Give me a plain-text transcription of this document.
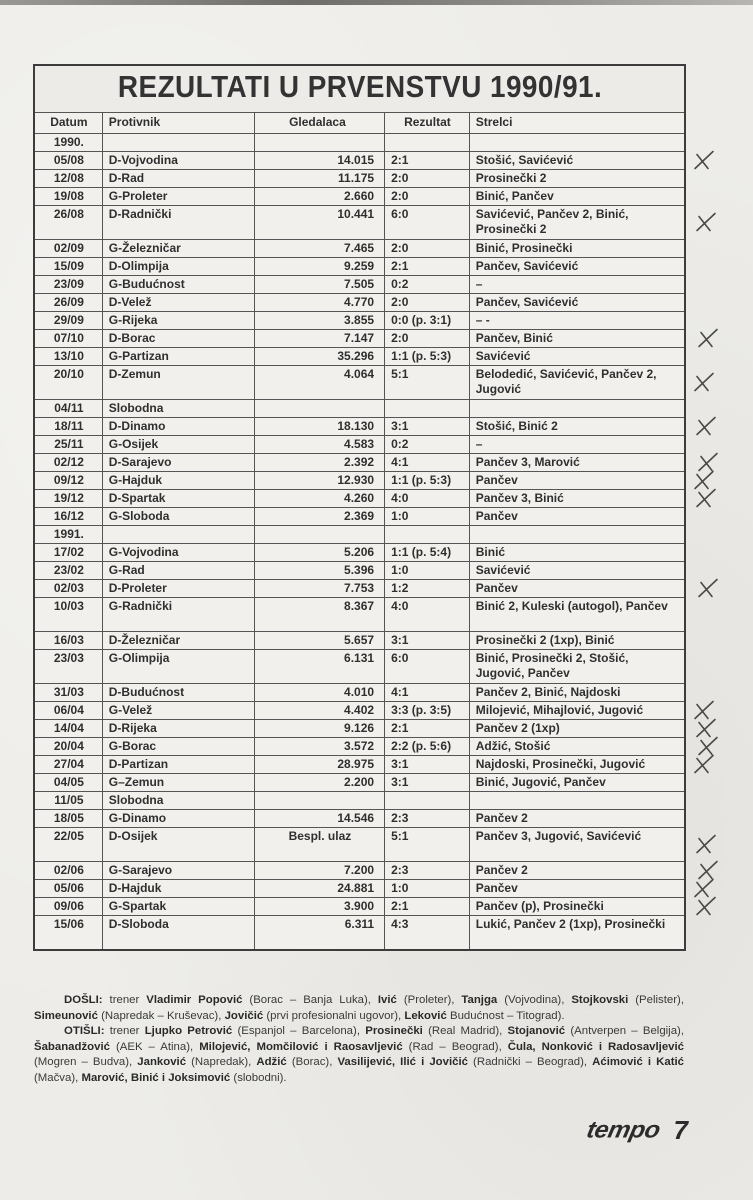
REZULTATI U PRVENSTVU 1990/91.				
Datum	Protivnik	Gledalaca	Rezultat	Strelci
1990.				
05/08	D-Vojvodina	14.015	2:1	Stošić, Savićević
12/08	D-Rad	11.175	2:0	Prosinečki 2
19/08	G-Proleter	2.660	2:0	Binić, Pančev
26/08	D-Radnički	10.441	6:0	Savićević, Pančev 2, Binić, Prosinečki 2
02/09	G-Železničar	7.465	2:0	Binić, Prosinečki
15/09	D-Olimpija	9.259	2:1	Pančev, Savićević
23/09	G-Budućnost	7.505	0:2	–
26/09	D-Velež	4.770	2:0	Pančev, Savićević
29/09	G-Rijeka	3.855	0:0 (p. 3:1)	– -
07/10	D-Borac	7.147	2:0	Pančev, Binić
13/10	G-Partizan	35.296	1:1 (p. 5:3)	Savićević
20/10	D-Zemun	4.064	5:1	Belodedić, Savićević, Pančev 2, Jugović
04/11	Slobodna			
18/11	D-Dinamo	18.130	3:1	Stošić, Binić 2
25/11	G-Osijek	4.583	0:2	–
02/12	D-Sarajevo	2.392	4:1	Pančev 3, Marović
09/12	G-Hajduk	12.930	1:1 (p. 5:3)	Pančev
19/12	D-Spartak	4.260	4:0	Pančev 3, Binić
16/12	G-Sloboda	2.369	1:0	Pančev
1991.				
17/02	G-Vojvodina	5.206	1:1 (p. 5:4)	Binić
23/02	G-Rad	5.396	1:0	Savićević
02/03	D-Proleter	7.753	1:2	Pančev
10/03	G-Radnički	8.367	4:0	Binić 2, Kuleski (autogol), Pančev
16/03	D-Železničar	5.657	3:1	Prosinečki 2 (1xp), Binić
23/03	G-Olimpija	6.131	6:0	Binić, Prosinečki 2, Stošić, Jugović, Pančev
31/03	D-Budućnost	4.010	4:1	Pančev 2, Binić, Najdoski
06/04	G-Velež	4.402	3:3 (p. 3:5)	Milojević, Mihajlović, Jugović
14/04	D-Rijeka	9.126	2:1	Pančev 2 (1xp)
20/04	G-Borac	3.572	2:2 (p. 5:6)	Adžić, Stošić
27/04	D-Partizan	28.975	3:1	Najdoski, Prosinečki, Jugović
04/05	G–Zemun	2.200	3:1	Binić, Jugović, Pančev
11/05	Slobodna			
18/05	G-Dinamo	14.546	2:3	Pančev 2
22/05	D-Osijek	Bespl. ulaz	5:1	Pančev 3, Jugović, Savićević
02/06	G-Sarajevo	7.200	2:3	Pančev 2
05/06	D-Hajduk	24.881	1:0	Pančev
09/06	G-Spartak	3.900	2:1	Pančev (p), Prosinečki
15/06	D-Sloboda	6.311	4:3	Lukić, Pančev 2 (1xp), Prosinečki

DOŠLI: trener Vladimir Popović (Borac – Banja Luka), Ivić (Proleter), Tanjga (Vojvodina), Stojkovski (Pelister), Simeunović (Napredak – Kruševac), Jovičić (prvi profesionalni ugovor), Leković Budućnost – Titograd).

OTIŠLI: trener Ljupko Petrović (Espanjol – Barcelona), Prosinečki (Real Madrid), Stojanović (Antverpen – Belgija), Šabanadžović (AEK – Atina), Milojević, Momčilović i Raosavljević (Rad – Beograd), Čula, Nonković i Radosavljević (Mogren – Budva), Janković (Napredak), Adžić (Borac), Vasilijević, Ilić i Jovičić (Radnički – Beograd), Aćimović i Katić (Mačva), Marović, Binić i Joksimović (slobodni).

tempo 7
